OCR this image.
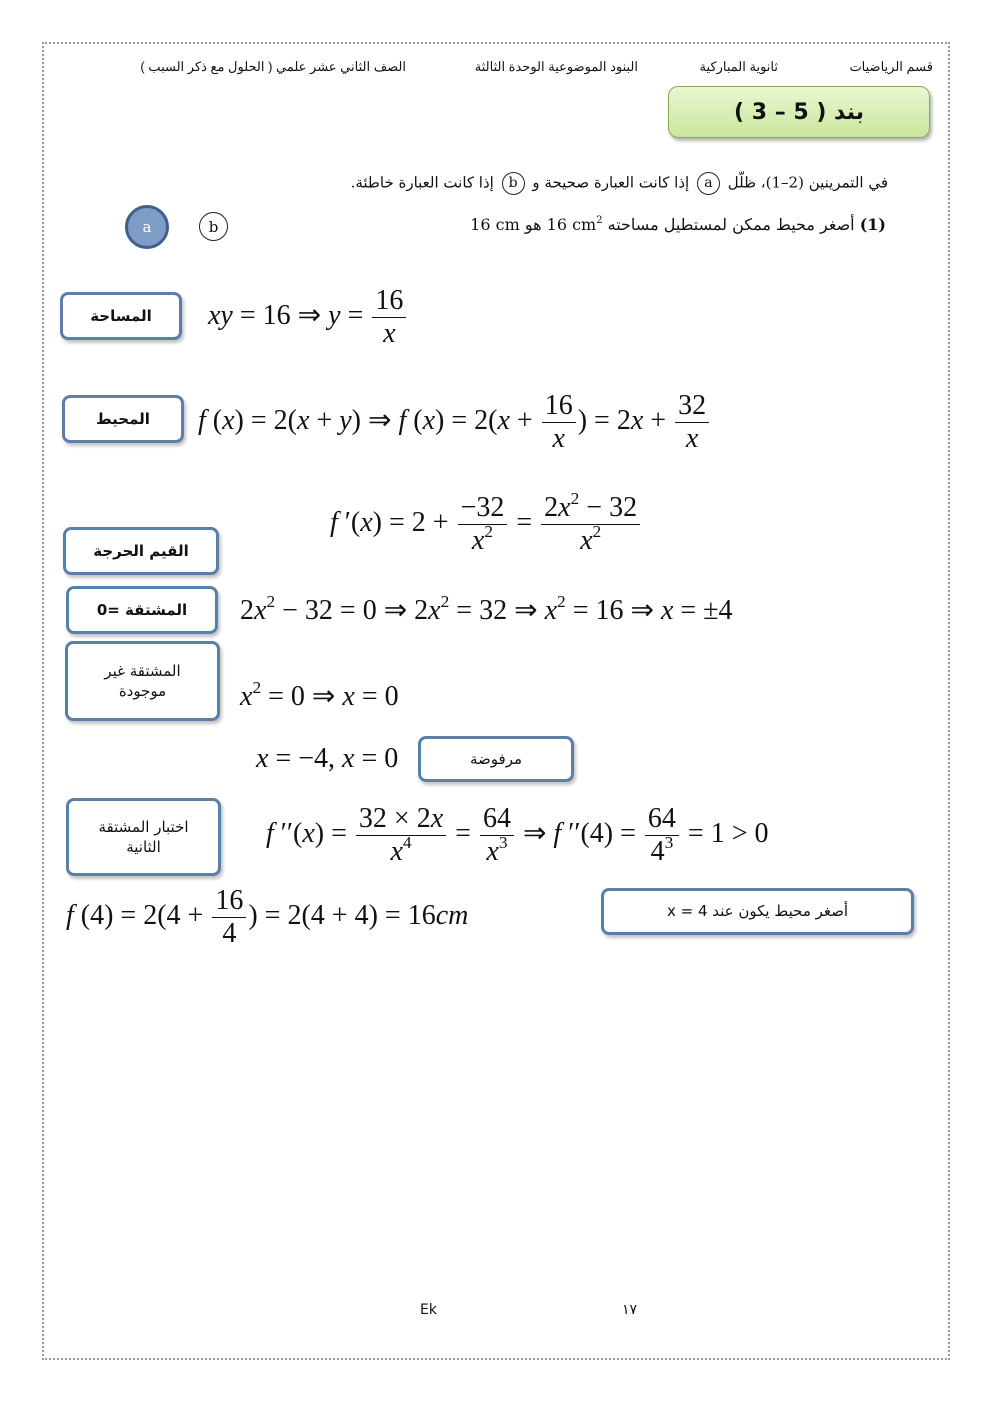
قسم الرياضيات
ثانوية المباركية
البنود الموضوعية الوحدة الثالثة
الصف الثاني عشر علمي ( الحلول مع ذكر السبب )
بند ( 5 – 3 )
في التمرينين (2–1)، ظلّل a إذا كانت العبارة صحيحة و b إذا كانت العبارة خاطئة.
(1) أصغر محيط ممكن لمستطيل مساحته 16 $cm^2$ هو 16 cm
a	b
المساحة
المحيط
القيم الحرجة
المشتقة =0
المشتقة غير
موجودة
مرفوضة
اختبار المشتقة
الثانية
أصغر محيط يكون عند x = 4
xy = 16 ⇒ $y = \frac{16}{x}$
f (x) = 2(x + y) ⇒ f $(x) = 2(x + \frac{16}{x}$ ) = $2x + \frac{32}{x}$
f $'(x) = 2 + \frac{-32}{x^2} = \frac{2x^2 - 32}{x^2}$
$2x^2 - 32 = 0$ ⇒ $2x^2 = 32$ ⇒ $x^2 = 16$ ⇒ x = ±4
$x^2 = 0$ ⇒ x = 0
x = −4, x = 0
f $''(x) = \frac{32 \times 2x}{x^4} = \frac{64}{x^3}$ ⇒ f $''(4) = \frac{64}{4^3} = 1 > 0$
f $(4) = 2(4 + \frac{16}{4}$ ) = 2(4 + 4) = 16cm
Ek	١٧
